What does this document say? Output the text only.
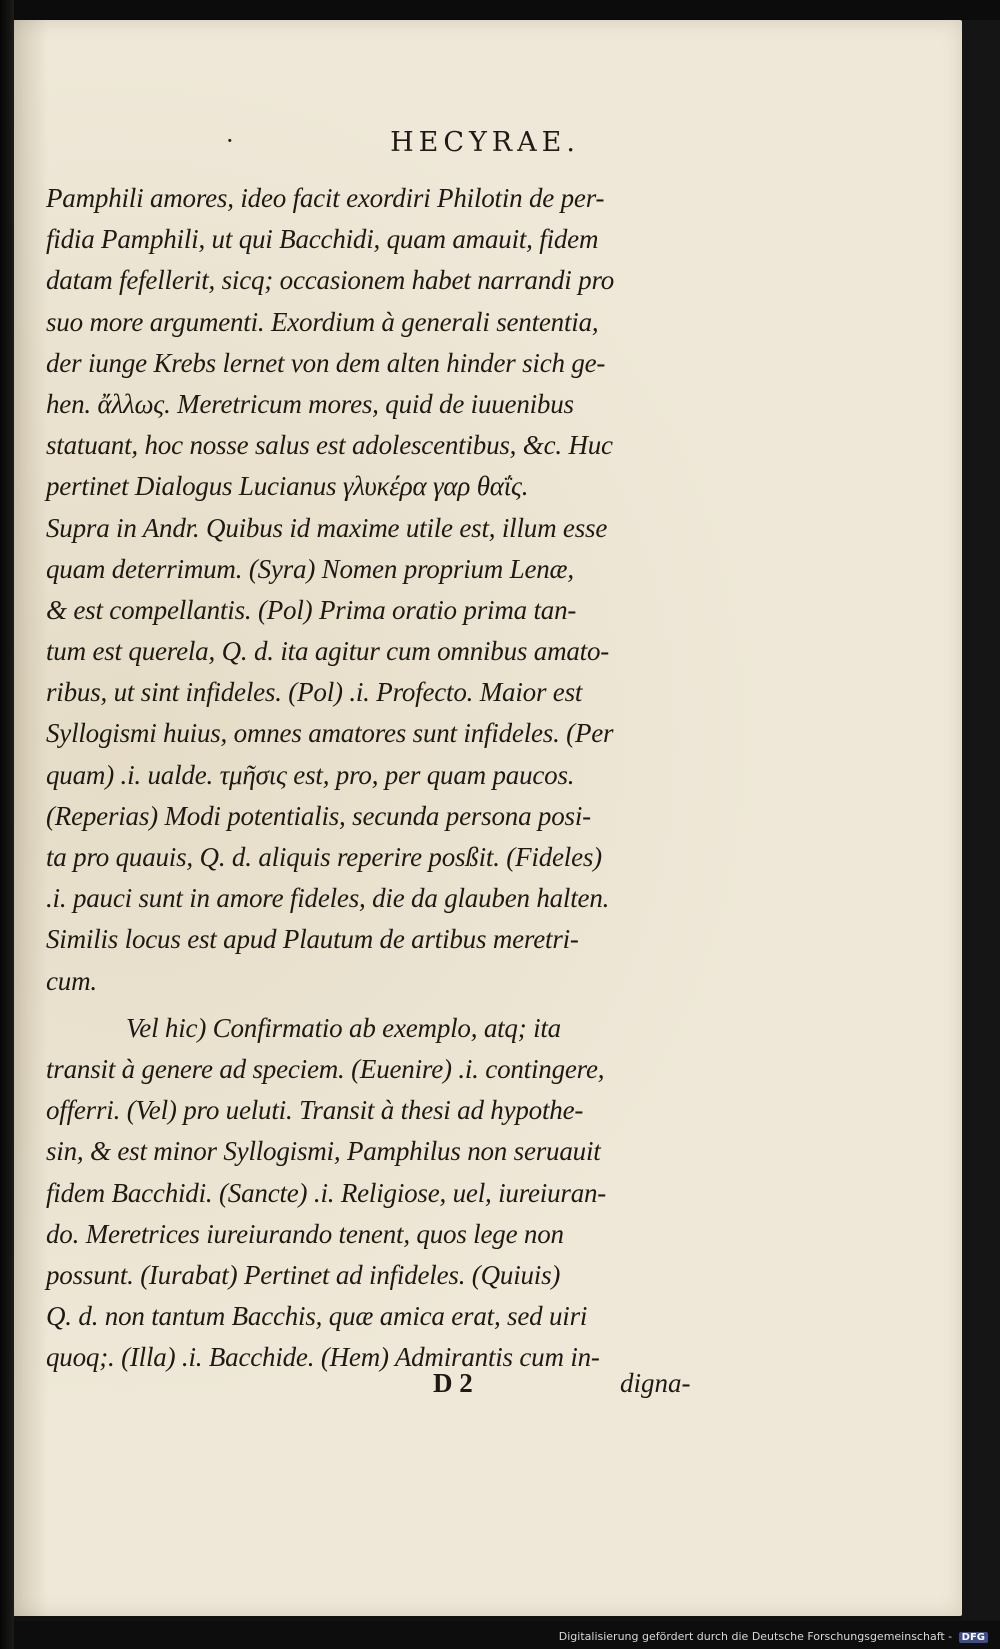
·	HECYRAE.
Pamphili amores, ideo facit exordiri Philotin de per-
fidia Pamphili, ut qui Bacchidi, quam amauit, fidem
datam fefellerit, sicq; occasionem habet narrandi pro
suo more argumenti. Exordium à generali sententia,
der iunge Krebs lernet von dem alten hinder sich ge-
hen. ἄλλως. Meretricum mores, quid de iuuenibus
statuant, hoc nosse salus est adolescentibus, &c. Huc
pertinet Dialogus Lucianus γλυκέρα γαρ θαΐς.
Supra in Andr. Quibus id maxime utile est, illum esse
quam deterrimum. (Syra) Nomen proprium Lenæ,
& est compellantis. (Pol) Prima oratio prima tan-
tum est querela, Q. d. ita agitur cum omnibus amato-
ribus, ut sint infideles. (Pol) .i. Profecto. Maior est
Syllogismi huius, omnes amatores sunt infideles. (Per
quam) .i. ualde. τμῆσις est, pro, per quam paucos.
(Reperias) Modi potentialis, secunda persona posi-
ta pro quauis, Q. d. aliquis reperire posßit. (Fideles)
.i. pauci sunt in amore fideles, die da glauben halten.
Similis locus est apud Plautum de artibus meretri-
cum.
Vel hic) Confirmatio ab exemplo, atq; ita
transit à genere ad speciem. (Euenire) .i. contingere,
offerri. (Vel) pro ueluti. Transit à thesi ad hypothe-
sin, & est minor Syllogismi, Pamphilus non seruauit
fidem Bacchidi. (Sancte) .i. Religiose, uel, iureiuran-
do. Meretrices iureiurando tenent, quos lege non
possunt. (Iurabat) Pertinet ad infideles. (Quiuis)
Q. d. non tantum Bacchis, quæ amica erat, sed uiri
quoq;. (Illa) .i. Bacchide. (Hem) Admirantis cum in-
D 2	digna-
Digitalisierung gefördert durch die Deutsche Forschungsgemeinschaft - DFG
